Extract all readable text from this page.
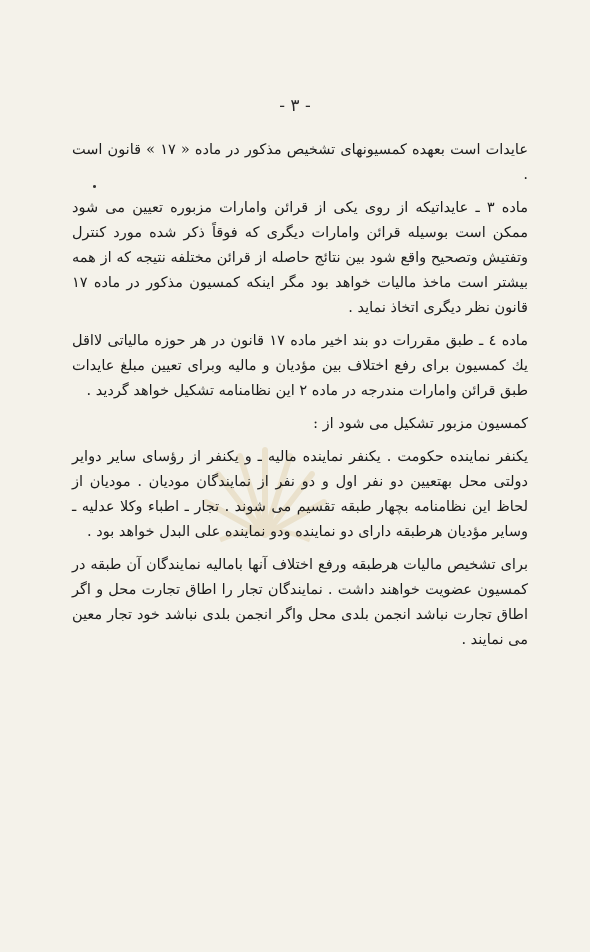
- ٣ -

عایدات است بعهده کمسیونهای تشخیص مذکور در ماده « ١٧ » قانون است .

ماده ٣ ـ عایداتیکه از روی یکی از قرائن وامارات مزبوره تعیین می شود ممکن است بوسیله قرائن وامارات دیگری که فوقاً ذکر شده مورد کنترل وتفتیش وتصحیح واقع شود بین نتائج حاصله از قرائن مختلفه نتیجه که از همه بیشتر است ماخذ مالیات خواهد بود مگر اینکه کمسیون مذکور در ماده ١٧ قانون نظر دیگری اتخاذ نماید .

ماده ٤ ـ طبق مقررات دو بند اخیر ماده ١٧ قانون در هر حوزه مالیاتی لااقل یك کمسیون برای رفع اختلاف بین مؤدیان و مالیه وبرای تعیین مبلغ عایدات طبق قرائن وامارات مندرجه در ماده ٢ این نظامنامه تشکیل خواهد گردید .

کمسیون مزبور تشکیل می شود از :

یکنفر نماینده حکومت . یکنفر نماینده مالیه ـ و یکنفر از رؤسای سایر دوایر دولتی محل بهتعیین دو نفر اول و دو نفر از نمایندگان مودیان . مودیان از لحاظ این نظامنامه بچهار طبقه تقسیم می شوند . تجار ـ اطباء وکلا عدلیه ـ وسایر مؤدیان هرطبقه دارای دو نماینده ودو نماینده علی البدل خواهد بود .

برای تشخیص مالیات هرطبقه ورفع اختلاف آنها بامالیه نمایندگان آن طبقه در کمسیون عضویت خواهند داشت . نمایندگان تجار را اطاق تجارت محل و اگر اطاق تجارت نباشد انجمن بلدی محل واگر انجمن بلدی نباشد خود تجار معین می نمایند .
